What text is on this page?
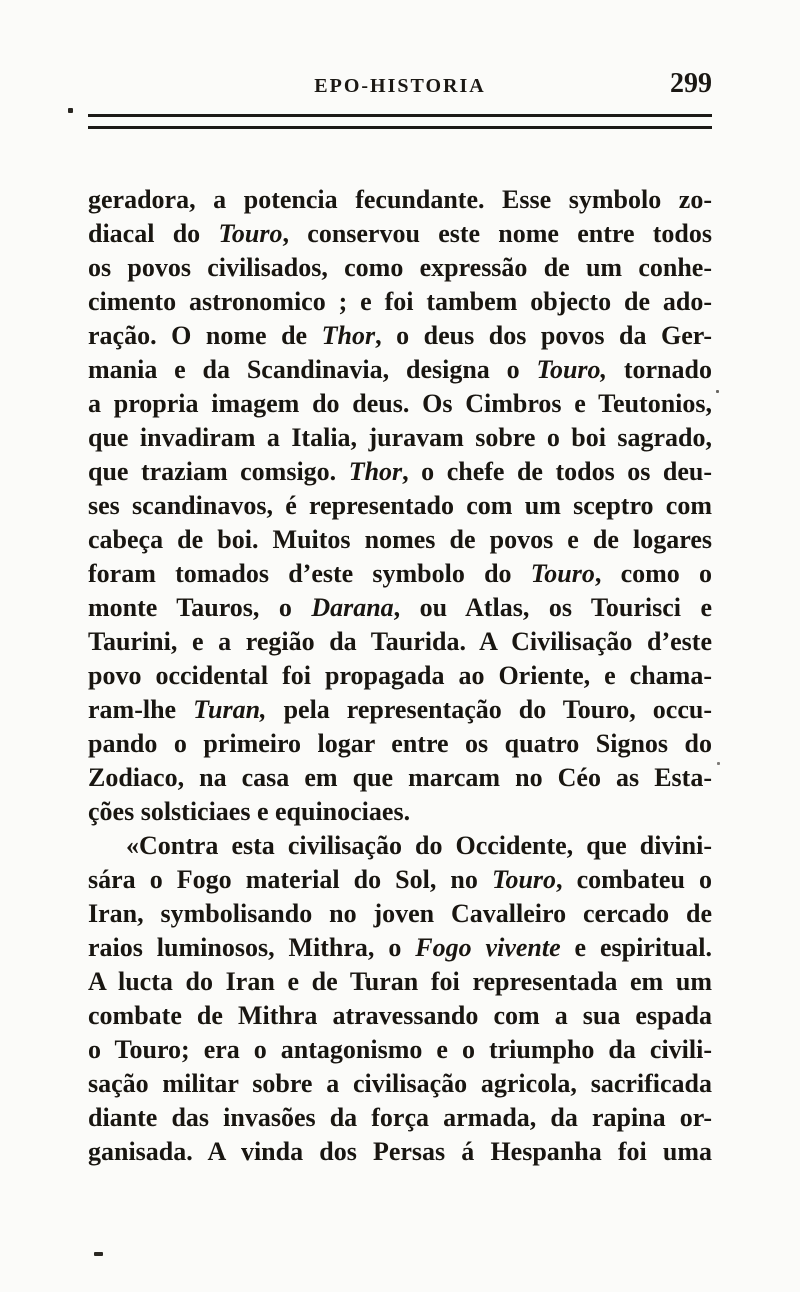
EPO-HISTORIA	299
geradora, a potencia fecundante. Esse symbolo zo-
diacal do Touro, conservou este nome entre todos
os povos civilisados, como expressão de um conhe-
cimento astronomico ; e foi tambem objecto de ado-
ração. O nome de Thor, o deus dos povos da Ger-
mania e da Scandinavia, designa o Touro, tornado
a propria imagem do deus. Os Cimbros e Teutonios,
que invadiram a Italia, juravam sobre o boi sagrado,
que traziam comsigo. Thor, o chefe de todos os deu-
ses scandinavos, é representado com um sceptro com
cabeça de boi. Muitos nomes de povos e de logares
foram tomados d’este symbolo do Touro, como o
monte Tauros, o Darana, ou Atlas, os Tourisci e
Taurini, e a região da Taurida. A Civilisação d’este
povo occidental foi propagada ao Oriente, e chama-
ram-lhe Turan, pela representação do Touro, occu-
pando o primeiro logar entre os quatro Signos do
Zodiaco, na casa em que marcam no Céo as Esta-
ções solsticiaes e equinociaes.
«Contra esta civilisação do Occidente, que divini-
sára o Fogo material do Sol, no Touro, combateu o
Iran, symbolisando no joven Cavalleiro cercado de
raios luminosos, Mithra, o Fogo vivente e espiritual.
A lucta do Iran e de Turan foi representada em um
combate de Mithra atravessando com a sua espada
o Touro; era o antagonismo e o triumpho da civili-
sação militar sobre a civilisação agricola, sacrificada
diante das invasões da força armada, da rapina or-
ganisada. A vinda dos Persas á Hespanha foi uma
